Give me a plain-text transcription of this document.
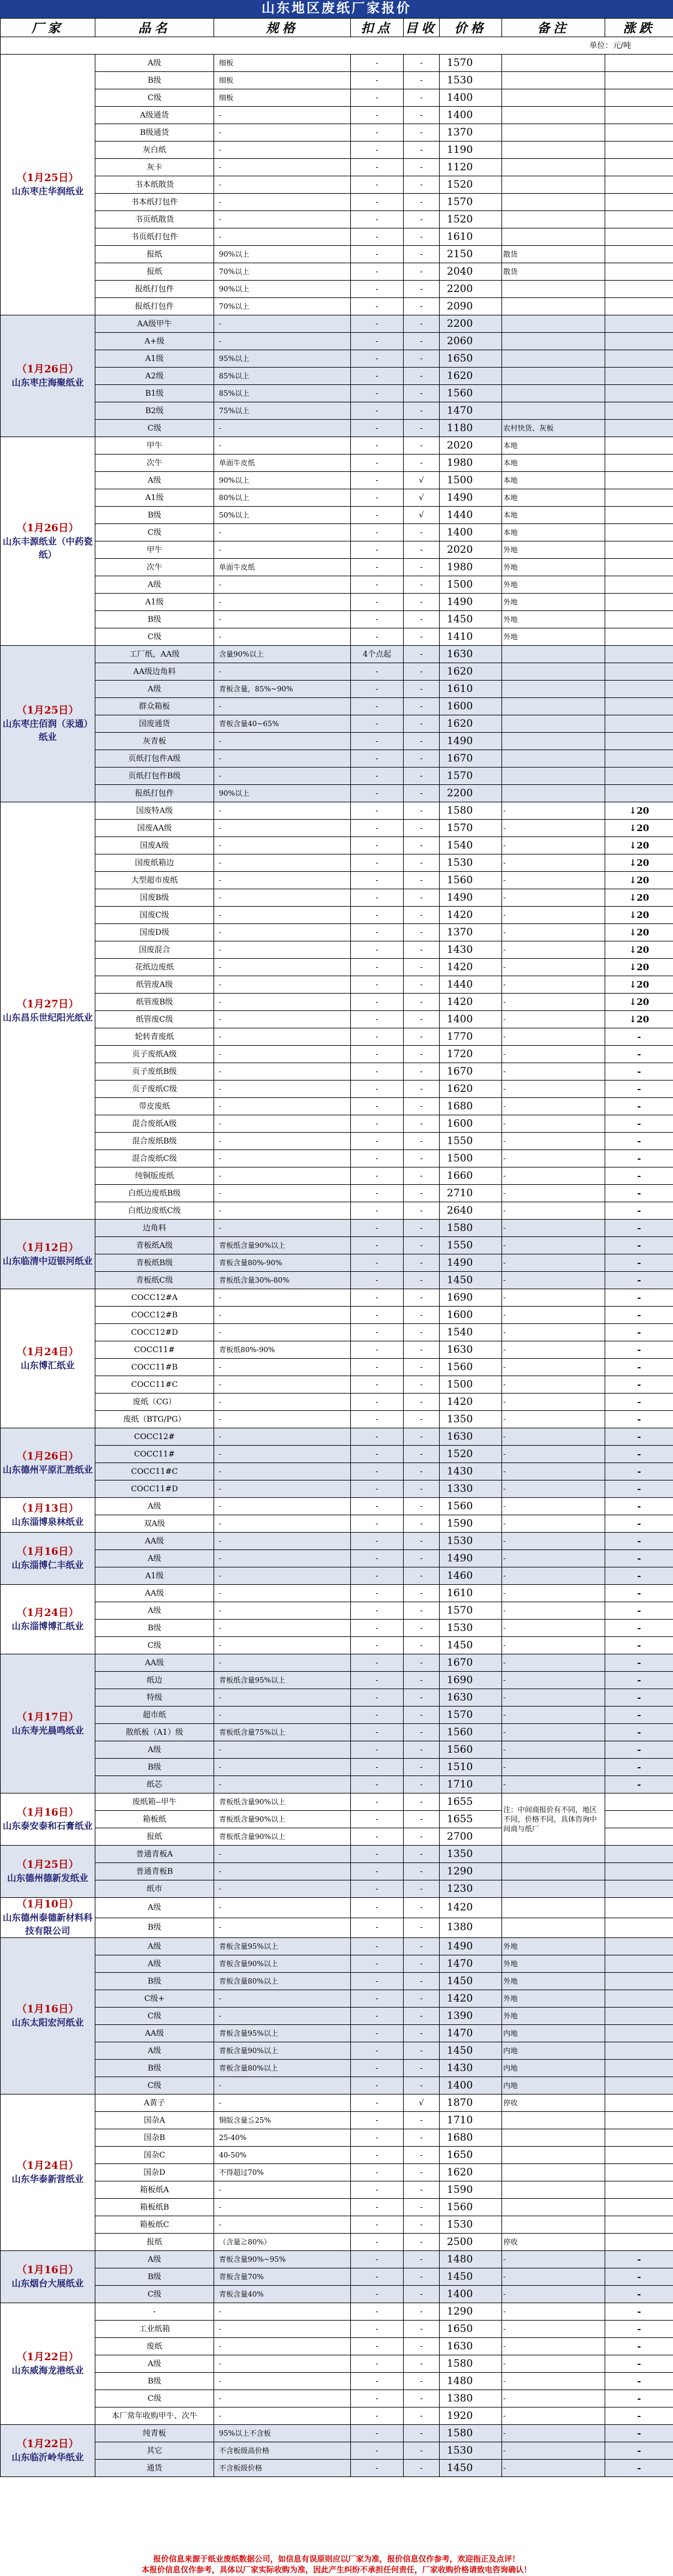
山东地区废纸厂家报价
厂家	品名	规格	扣点	目收	价格	备注	涨跌
单位：元/吨							

（1月25日）
山东枣庄华润纸业	A级	细板	-	-	1570		
	B级	细板	-	-	1530		
	C级	细板	-	-	1400		
	A级通货	-	-	-	1400		
	B级通货	-	-	-	1370		
	灰白纸	-	-	-	1190		
	灰卡	-	-	-	1120		
	书本纸散货	-	-	-	1520		
	书本纸打包件	-	-	-	1570		
	书页纸散货	-	-	-	1520		
	书页纸打包件	-	-	-	1610		
	报纸	90%以上	-	-	2150	散货	
	报纸	70%以上	-	-	2040	散货	
	报纸打包件	90%以上	-	-	2200		
	报纸打包件	70%以上	-	-	2090		

（1月26日）
山东枣庄海聚纸业	AA级甲牛	-	-	-	2200		
	A+级	-	-	-	2060		
	A1级	95%以上	-	-	1650		
	A2级	85%以上	-	-	1620		
	B1级	85%以上	-	-	1560		
	B2级	75%以上	-	-	1470		
	C级	-	-	-	1180	农村快货、灰板	

（1月26日）
山东丰源纸业（中药瓷纸）	甲牛	-	-	-	2020	本地	
	次牛	单面牛皮纸	-	-	1980	本地	
	A级	90%以上	-	√	1500	本地	
	A1级	80%以上	-	√	1490	本地	
	B级	50%以上	-	√	1440	本地	
	C级	-	-	-	1400	本地	
	甲牛	-	-	-	2020	外地	
	次牛	单面牛皮纸	-	-	1980	外地	
	A级	-	-	-	1500	外地	
	A1级	-	-	-	1490	外地	
	B级	-	-	-	1450	外地	
	C级	-	-	-	1410	外地	

（1月25日）
山东枣庄佰润（汞通）纸业	工厂纸，AA级	含量90%以上	4个点起	-	1630		
	AA级边角料	-	-	-	1620		
	A级	青板含量，85%~90%	-	-	1610		
	群众箱板	-	-	-	1600		
	国废通货	青板含量40~65%	-	-	1620		
	灰青板	-	-	-	1490		
	页纸打包件A级	-	-	-	1670		
	页纸打包件B级	-	-	-	1570		
	报纸打包件	90%以上	-	-	2200		

（1月27日）
山东昌乐世纪阳光纸业	国废特A级	-	-	-	1580	-	↓20
	国废AA级	-	-	-	1570	-	↓20
	国废A级	-	-	-	1540	-	↓20
	国废纸箱边	-	-	-	1530	-	↓20
	大型超市废纸	-	-	-	1560	-	↓20
	国废B级	-	-	-	1490	-	↓20
	国废C级	-	-	-	1420	-	↓20
	国废D级	-	-	-	1370	-	↓20
	国废混合	-	-	-	1430	-	↓20
	花纸边废纸	-	-	-	1420	-	↓20
	纸管废A级	-	-	-	1440	-	↓20
	纸管废B级	-	-	-	1420	-	↓20
	纸管废C级	-	-	-	1400	-	↓20
	轮转青废纸	-	-	-	1770	-	-
	页子废纸A级	-	-	-	1720	-	-
	页子废纸B级	-	-	-	1670	-	-
	页子废纸C级	-	-	-	1620	-	-
	带皮废纸	-	-	-	1680	-	-
	混合废纸A级	-	-	-	1600	-	-
	混合废纸B级	-	-	-	1550	-	-
	混合废纸C级	-	-	-	1500	-	-
	纯铜版废纸	-	-	-	1660	-	-
	白纸边废纸B级	-	-	-	2710	-	-
	白纸边废纸C级	-	-	-	2640	-	-

（1月12日）
山东临清中迈银河纸业	边角料	-	-	-	1580	-	-
	青板纸A级	青板纸含量90%以上	-	-	1550	-	-
	青板纸B级	青板含量80%-90%	-	-	1490	-	-
	青板纸C级	青板纸含量30%-80%	-	-	1450	-	-

（1月24日）
山东博汇纸业	COCC12#A	-	-	-	1690	-	-
	COCC12#B	-	-	-	1600	-	-
	COCC12#D	-	-	-	1540	-	-
	COCC11#	青板纸80%-90%	-	-	1630	-	-
	COCC11#B	-	-	-	1560	-	-
	COCC11#C	-	-	-	1500	-	-
	废纸（CG）	-	-	-	1420	-	-
	废纸（BTG/PG）	-	-	-	1350	-	-

（1月26日）
山东德州平原汇胜纸业	COCC12#	-	-	-	1630	-	-
	COCC11#	-	-	-	1520	-	-
	COCC11#C	-	-	-	1430	-	-
	COCC11#D	-	-	-	1330	-	-

（1月13日）
山东淄博泉林纸业	A级	-	-	-	1560	-	-
	双A级	-	-	-	1590	-	-

（1月16日）
山东淄博仁丰纸业	AA级	-	-	-	1530	-	-
	A级	-	-	-	1490	-	-
	A1级	-	-	-	1460	-	-

（1月24日）
山东淄博博汇纸业	AA级	-	-	-	1610	-	-
	A级	-	-	-	1570	-	-
	B级	-	-	-	1530	-	-
	C级	-	-	-	1450	-	-

（1月17日）
山东寿光晨鸣纸业	AA级	-	-	-	1670	-	-
	纸边	青板纸含量95%以上	-	-	1690	-	-
	特级	-	-	-	1630	-	-
	超市纸	-	-	-	1570	-	-
	散纸板（A1）级	青板纸含量75%以上	-	-	1560	-	-
	A级	-	-	-	1560	-	-
	B级	-	-	-	1510	-	-
	纸芯	-	-	-	1710	-	-

（1月16日）
山东泰安泰和石膏纸业	废纸箱--甲牛	青板纸含量90%以上	-	-	1655	注：中间商报价有不同，地区不同，价格不同，具体咨询中间商与纸厂	
	箱板纸	青板纸含量90%以上	-	-	1655		
	报纸	青板纸含量90%以上	-	-	2700		

（1月25日）
山东德州德新发纸业	普通青板A	-	-	-	1350		
	普通青板B	-	-	-	1290		
	纸市	-	-	-	1230		

（1月10日）
山东德州泰德新材料科技有限公司	A级	-	-	-	1420		
	B级	-	-	-	1380		

（1月16日）
山东太阳宏河纸业	A级	青板含量95%以上	-	-	1490	外地	
	A级	青板含量90%以上	-	-	1470	外地	
	B级	青板含量80%以上	-	-	1450	外地	
	C级+	-	-	-	1420	外地	
	C级	-	-	-	1390	外地	
	AA级	青板含量95%以上	-	-	1470	内地	
	A级	青板含量90%以上	-	-	1450	内地	
	B级	青板含量80%以上	-	-	1430	内地	
	C级	-	-	-	1400	内地	

（1月24日）
山东华泰新营纸业	A黄子	-	-	√	1870	停收	
	国杂A	铜版含量≦25%	-	-	1710		
	国杂B	25-40%	-	-	1680		
	国杂C	40-50%	-	-	1650		
	国杂D	不得超过70%	-	-	1620		
	箱板纸A	-	-	-	1590		
	箱板纸B	-	-	-	1560		
	箱板纸C	-	-	-	1530		
	报纸	（含量≧80%）	-	-	2500	停收	

（1月16日）
山东烟台大展纸业	A级	青板含量90%~95%	-	-	1480	-	-
	B级	青板含量70%	-	-	1450	-	-
	C级	青板含量40%	-	-	1400	-	-

（1月22日）
山东威海龙港纸业	-	-	-	-	1290	-	-
	工业纸箱	-	-	-	1650	-	-
	废纸	-	-	-	1630	-	-
	A级	-	-	-	1580	-	-
	B级	-	-	-	1480	-	-
	C级	-	-	-	1380	-	-
	本厂常年收购甲牛、次牛	-	-	-	1920	-	-

（1月22日）
山东临沂岭华纸业	纯青板	95%以上不含板	-	-	1580	-	-
	其它	不含板级高价格	-	-	1530	-	-
	通货	不含板级价格	-	-	1450	-	-
报价信息来源于纸业废纸数据公司，如信息有误原则应以厂家为准，报价信息仅作参考，欢迎指正及点评！
本报价信息仅作参考，具体以厂家实际收购为准，因此产生纠纷不承担任何责任，厂家收购价格请致电咨询确认！
